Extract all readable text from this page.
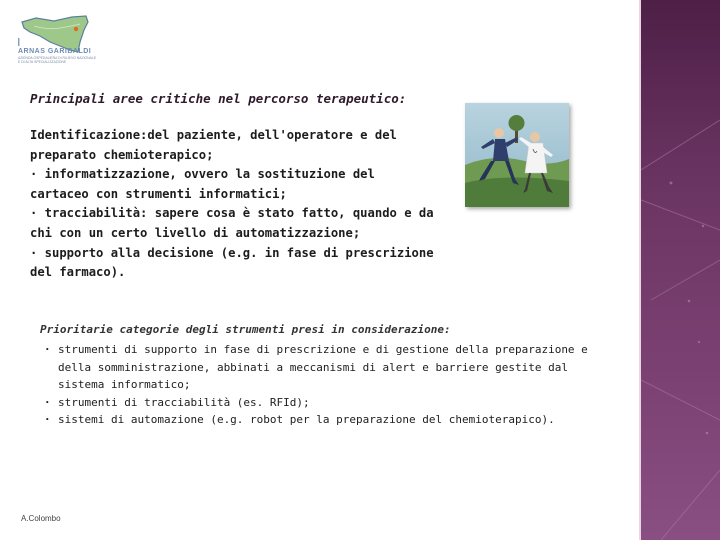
ARNAS GARIBALDI

AZIENDA OSPEDALIERA DI RILIEVO NAZIONALE E DI ALTA SPECIALIZZAZIONE

Principali aree critiche nel percorso terapeutico:

Identificazione:del paziente, dell'operatore e del preparato chemioterapico;

· informatizzazione, ovvero la sostituzione del cartaceo con strumenti informatici;

· tracciabilità: sapere cosa è stato fatto, quando e da chi con un certo livello di automatizzazione;

· supporto alla decisione (e.g. in fase di prescrizione del farmaco).

Prioritarie categorie degli strumenti presi in considerazione:
· strumenti di supporto in fase di prescrizione e di gestione della preparazione e della somministrazione, abbinati a meccanismi di alert e barriere gestite dal sistema informatico;
· strumenti di tracciabilità (es. RFId);
· sistemi di automazione (e.g. robot per la preparazione del chemioterapico).

A.Colombo
